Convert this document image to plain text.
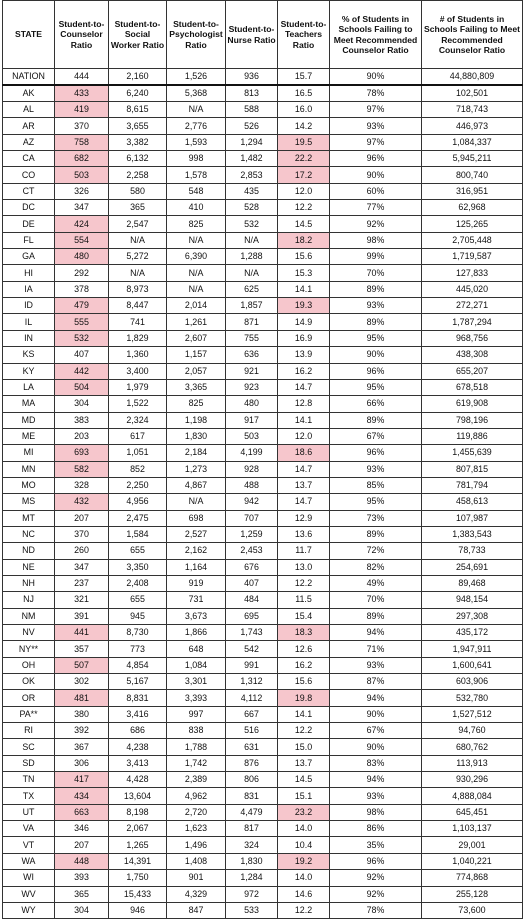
STATE	Student-to-Counselor Ratio	Student-to-Social Worker Ratio	Student-to-Psychologist Ratio	Student-to-Nurse Ratio	Student-to-Teachers Ratio	% of Students in Schools Failing to Meet Recommended Counselor Ratio	# of Students in Schools Failing to Meet Recommended Counselor Ratio
NATION	444	2,160	1,526	936	15.7	90%	44,880,809
AK	433	6,240	5,368	813	16.5	78%	102,501
AL	419	8,615	N/A	588	16.0	97%	718,743
AR	370	3,655	2,776	526	14.2	93%	446,973
AZ	758	3,382	1,593	1,294	19.5	97%	1,084,337
CA	682	6,132	998	1,482	22.2	96%	5,945,211
CO	503	2,258	1,578	2,853	17.2	90%	800,740
CT	326	580	548	435	12.0	60%	316,951
DC	347	365	410	528	12.2	77%	62,968
DE	424	2,547	825	532	14.5	92%	125,265
FL	554	N/A	N/A	N/A	18.2	98%	2,705,448
GA	480	5,272	6,390	1,288	15.6	99%	1,719,587
HI	292	N/A	N/A	N/A	15.3	70%	127,833
IA	378	8,973	N/A	625	14.1	89%	445,020
ID	479	8,447	2,014	1,857	19.3	93%	272,271
IL	555	741	1,261	871	14.9	89%	1,787,294
IN	532	1,829	2,607	755	16.9	95%	968,756
KS	407	1,360	1,157	636	13.9	90%	438,308
KY	442	3,400	2,057	921	16.2	96%	655,207
LA	504	1,979	3,365	923	14.7	95%	678,518
MA	304	1,522	825	480	12.8	66%	619,908
MD	383	2,324	1,198	917	14.1	89%	798,196
ME	203	617	1,830	503	12.0	67%	119,886
MI	693	1,051	2,184	4,199	18.6	96%	1,455,639
MN	582	852	1,273	928	14.7	93%	807,815
MO	328	2,250	4,867	488	13.7	85%	781,794
MS	432	4,956	N/A	942	14.7	95%	458,613
MT	207	2,475	698	707	12.9	73%	107,987
NC	370	1,584	2,527	1,259	13.6	89%	1,383,543
ND	260	655	2,162	2,453	11.7	72%	78,733
NE	347	3,350	1,164	676	13.0	82%	254,691
NH	237	2,408	919	407	12.2	49%	89,468
NJ	321	655	731	484	11.5	70%	948,154
NM	391	945	3,673	695	15.4	89%	297,308
NV	441	8,730	1,866	1,743	18.3	94%	435,172
NY**	357	773	648	542	12.6	71%	1,947,911
OH	507	4,854	1,084	991	16.2	93%	1,600,641
OK	302	5,167	3,301	1,312	15.6	87%	603,906
OR	481	8,831	3,393	4,112	19.8	94%	532,780
PA**	380	3,416	997	667	14.1	90%	1,527,512
RI	392	686	838	516	12.2	67%	94,760
SC	367	4,238	1,788	631	15.0	90%	680,762
SD	306	3,413	1,742	876	13.7	83%	113,913
TN	417	4,428	2,389	806	14.5	94%	930,296
TX	434	13,604	4,962	831	15.1	93%	4,888,084
UT	663	8,198	2,720	4,479	23.2	98%	645,451
VA	346	2,067	1,623	817	14.0	86%	1,103,137
VT	207	1,265	1,496	324	10.4	35%	29,001
WA	448	14,391	1,408	1,830	19.2	96%	1,040,221
WI	393	1,750	901	1,284	14.0	92%	774,868
WV	365	15,433	4,329	972	14.6	92%	255,128
WY	304	946	847	533	12.2	78%	73,600
